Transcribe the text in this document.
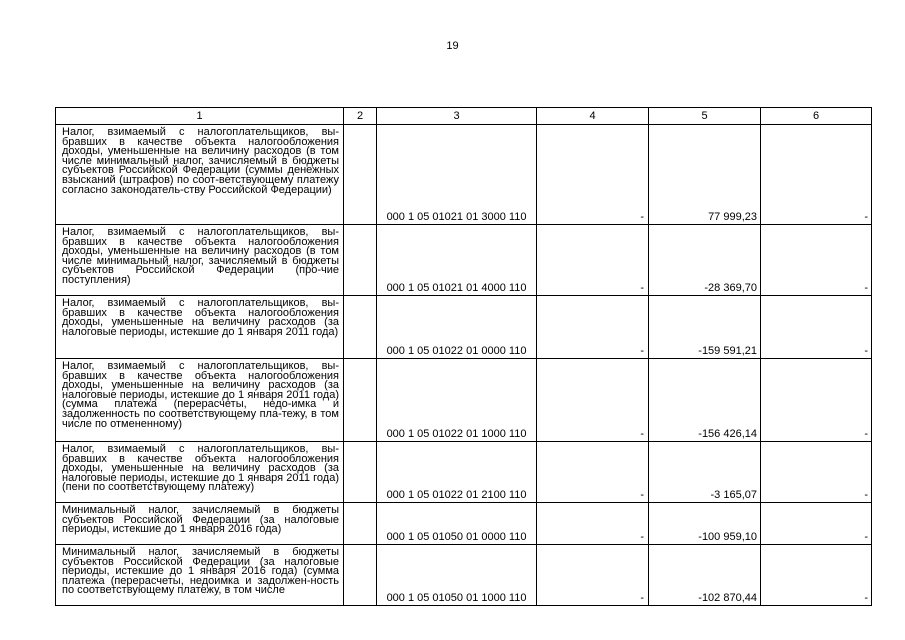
19
1	2	3	4	5	6
Налог, взимаемый с налогоплательщиков, вы-бравших в качестве объекта налогообложения доходы, уменьшенные на величину расходов (в том числе минимальный налог, зачисляемый в бюджеты субъектов Российской Федерации (суммы денежных взысканий (штрафов) по соот-ветствующему платежу согласно законодатель-ству Российской Федерации)		000 1 05 01021 01 3000 110	-	77 999,23	-
Налог, взимаемый с налогоплательщиков, вы-бравших в качестве объекта налогообложения доходы, уменьшенные на величину расходов (в том числе минимальный налог, зачисляемый в бюджеты субъектов Российской Федерации (про-чие поступления)		000 1 05 01021 01 4000 110	-	-28 369,70	-
Налог, взимаемый с налогоплательщиков, вы-бравших в качестве объекта налогообложения доходы, уменьшенные на величину расходов (за налоговые периоды, истекшие до 1 января 2011 года)		000 1 05 01022 01 0000 110	-	-159 591,21	-
Налог, взимаемый с налогоплательщиков, вы-бравших в качестве объекта налогообложения доходы, уменьшенные на величину расходов (за налоговые периоды, истекшие до 1 января 2011 года) (сумма платежа (перерасчеты, недо-имка и задолженность по соответствующему пла-тежу, в том числе по отмененному)		000 1 05 01022 01 1000 110	-	-156 426,14	-
Налог, взимаемый с налогоплательщиков, вы-бравших в качестве объекта налогообложения доходы, уменьшенные на величину расходов (за налоговые периоды, истекшие до 1 января 2011 года) (пени по соответствующему платежу)		000 1 05 01022 01 2100 110	-	-3 165,07	-
Минимальный налог, зачисляемый в бюджеты субъектов Российской Федерации (за налоговые периоды, истекшие до 1 января 2016 года)		000 1 05 01050 01 0000 110	-	-100 959,10	-
Минимальный налог, зачисляемый в бюджеты субъектов Российской Федерации (за налоговые периоды, истекшие до 1 января 2016 года) (сумма платежа (перерасчеты, недоимка и задолжен-ность по соответствующему платежу, в том числе		000 1 05 01050 01 1000 110	-	-102 870,44	-
